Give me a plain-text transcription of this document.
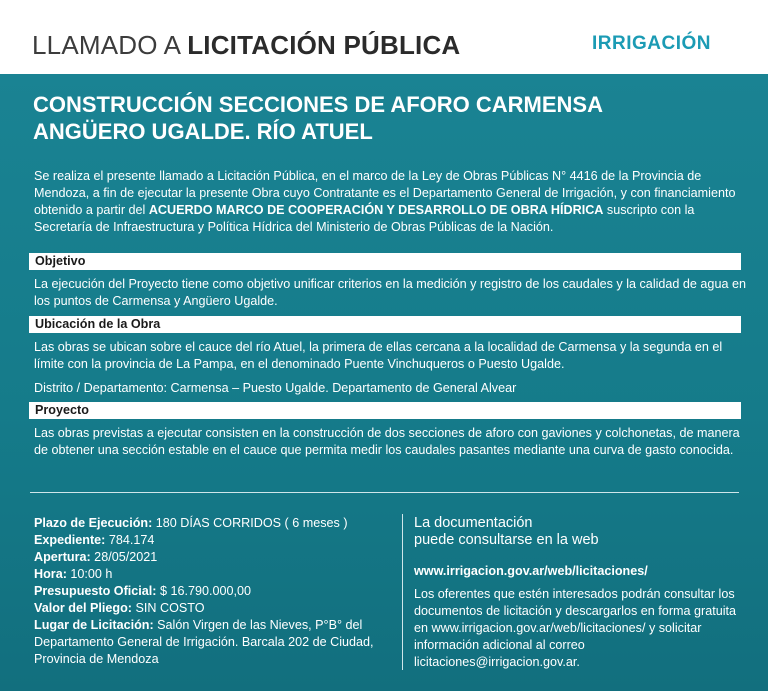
LLAMADO A LICITACIÓN PÚBLICA	IRRIGACIÓN
CONSTRUCCIÓN SECCIONES DE AFORO CARMENSA
ANGÜERO UGALDE. RÍO ATUEL
Se realiza el presente llamado a Licitación Pública, en el marco de la Ley de Obras Públicas N° 4416 de la Provincia de Mendoza, a fin de ejecutar la presente Obra cuyo Contratante es el Departamento General de Irrigación, y con financiamiento obtenido a partir del ACUERDO MARCO DE COOPERACIÓN Y DESARROLLO DE OBRA HÍDRICA suscripto con la Secretaría de Infraestructura y Política Hídrica del Ministerio de Obras Públicas de la Nación.
Objetivo
La ejecución del Proyecto tiene como objetivo unificar criterios en la medición y registro de los caudales y la calidad de agua en los puntos de Carmensa y Angüero Ugalde.
Ubicación de la Obra
Las obras se ubican sobre el cauce del río Atuel, la primera de ellas cercana a la localidad de Carmensa y la segunda en el límite con la provincia de La Pampa, en el denominado Puente Vinchuqueros o Puesto Ugalde.
Distrito / Departamento: Carmensa – Puesto Ugalde. Departamento de General Alvear
Proyecto
Las obras previstas a ejecutar consisten en la construcción de dos secciones de aforo con gaviones y colchonetas, de manera de obtener una sección estable en el cauce que permita medir los caudales pasantes mediante una curva de gasto conocida.
Plazo de Ejecución: 180 DÍAS CORRIDOS ( 6 meses )
Expediente: 784.174
Apertura: 28/05/2021
Hora: 10:00 h
Presupuesto Oficial: $ 16.790.000,00
Valor del Pliego: SIN COSTO
Lugar de Licitación: Salón Virgen de las Nieves, P°B° del Departamento General de Irrigación. Barcala 202 de Ciudad, Provincia de Mendoza
La documentación
puede consultarse en la web
www.irrigacion.gov.ar/web/licitaciones/
Los oferentes que estén interesados podrán consultar los documentos de licitación y descargarlos en forma gratuita en www.irrigacion.gov.ar/web/licitaciones/ y solicitar información adicional al correo licitaciones@irrigacion.gov.ar.
